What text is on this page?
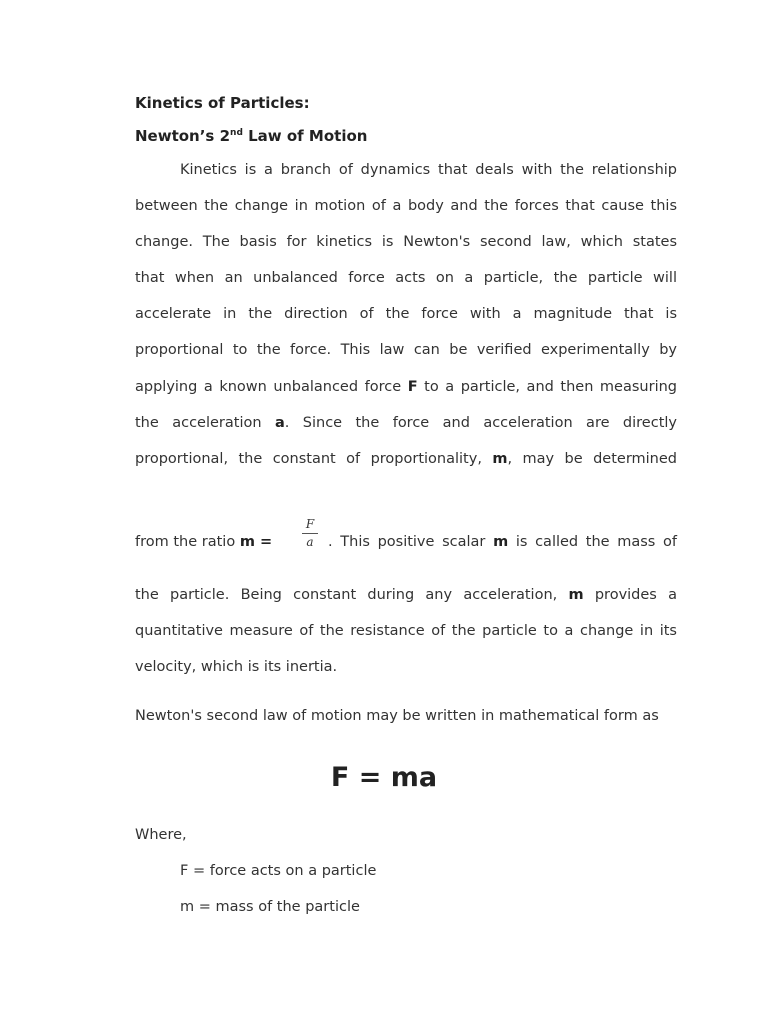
Kinetics of Particles:
Newton’s 2nd Law of Motion
Kinetics is a branch of dynamics that deals with the relationship
between the change in motion of a body and the forces that cause this
change. The basis for kinetics is Newton's second law, which states
that when an unbalanced force acts on a particle, the particle will
accelerate in the direction of the force with a magnitude that is
proportional to the force. This law can be verified experimentally by
applying a known unbalanced force F to a particle, and then measuring
the acceleration a. Since the force and acceleration are directly
proportional, the constant of proportionality, m, may be determined
from the ratio m =
F
a . This positive scalar m is called the mass of
the particle. Being constant during any acceleration, m provides a
quantitative measure of the resistance of the particle to a change in its
velocity, which is its inertia.
Newton's second law of motion may be written in mathematical form as
F = ma
Where,
F = force acts on a particle
m = mass of the particle
